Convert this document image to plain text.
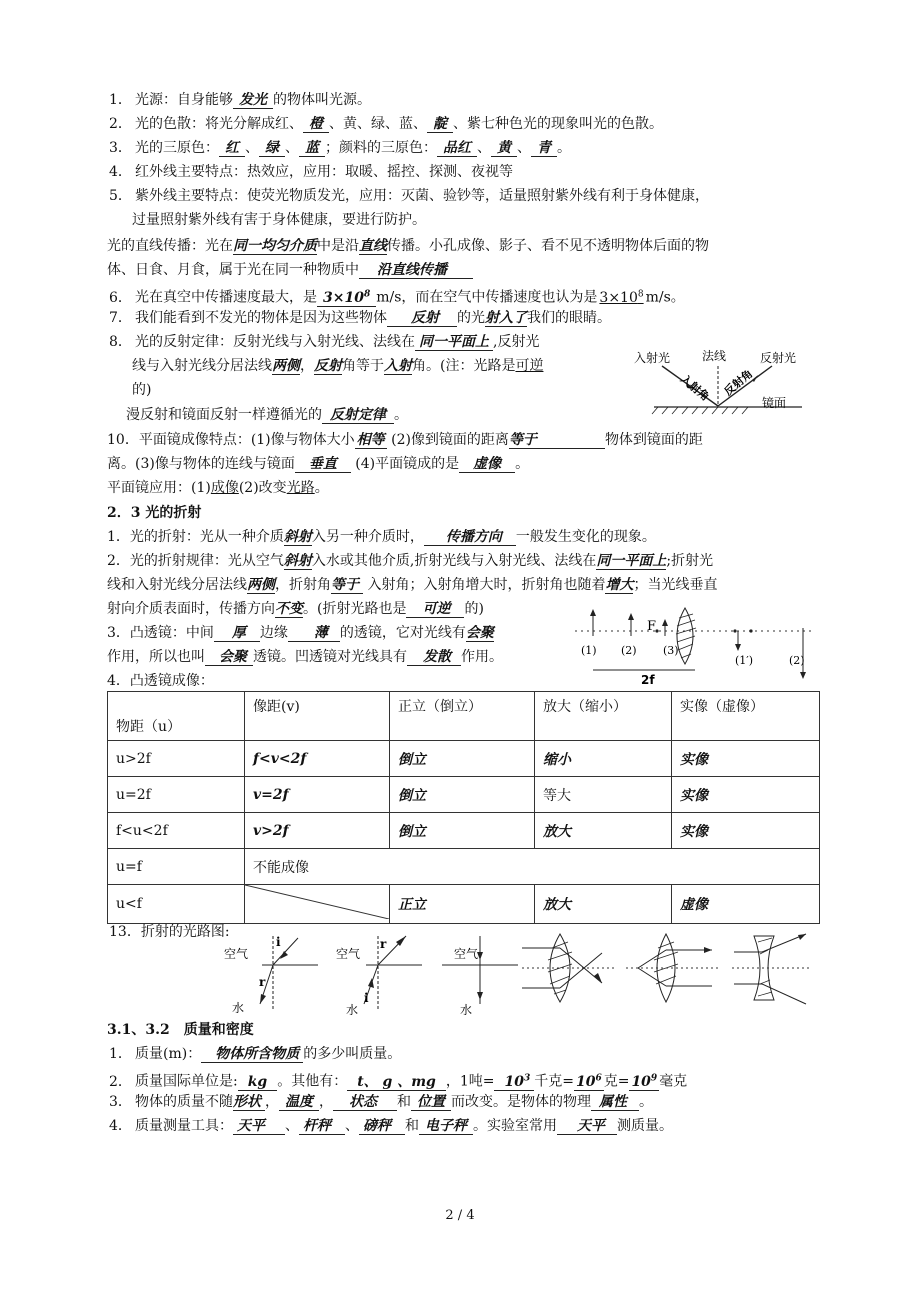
1． 光源：自身能够 发光 的物体叫光源。
2． 光的色散：将光分解成红、 橙 、黄、绿、蓝、 靛 、紫七种色光的现象叫光的色散。
3． 光的三原色： 红 、 绿 、 蓝 ；颜料的三原色： 品红 、 黄 、 青 。
4． 红外线主要特点：热效应，应用：取暖、摇控、探测、夜视等
5． 紫外线主要特点：使荧光物质发光，应用：灭菌、验钞等，适量照射紫外线有利于身体健康，
过量照射紫外线有害于身体健康，要进行防护。
光的直线传播：光在同一均匀介质中是沿直线传播。小孔成像、影子、看不见不透明物体后面的物
体、日食、月食，属于光在同一种物质中 沿直线传播
6． 光在真空中传播速度最大，是 $3\times 10^8$ m/s，而在空气中传播速度也认为是 $3\times 10^8$ m/s。
7． 我们能看到不发光的物体是因为这些物体 反射 的光射入了我们的眼睛。
8． 光的反射定律：反射光线与入射光线、法线在 同一平面上 ,反射光
线与入射光线分居法线两侧，反射角等于入射角。(注：光路是可逆
的)
漫反射和镜面反射一样遵循光的 反射定律 。
10．平面镜成像特点：(1)像与物体大小 相等 (2)像到镜面的距离等于	物体到镜面的距
离。(3)像与物体的连线与镜面 垂直 (4)平面镜成的是 虚像 。
平面镜应用：(1)成像(2)改变光路。
入射光	法线	反射光
入射角 反射角
镜面
2．3 光的折射
1．光的折射：光从一种介质斜射入另一种介质时， 传播方向 一般发生变化的现象。
2．光的折射规律：光从空气斜射入水或其他介质,折射光线与入射光线、法线在同一平面上;折射光
线和入射光线分居法线两侧，折射角等于 入射角；入射角增大时，折射角也随着增大；当光线垂直
射向介质表面时，传播方向不变。(折射光路也是 可逆 的)
3．凸透镜：中间 厚 边缘 薄 的透镜，它对光线有会聚
作用，所以也叫 会聚 透镜。凹透镜对光线具有 发散 作用。
4．凸透镜成像：
F
(1) (2) (3)
(1′)	(2)
2f
物距（u）	像距(v)	正立（倒立）	放大（缩小）	实像（虚像）
u>2f	f<v<2f	倒立	缩小	实像
u=2f	v=2f	倒立	等大	实像
f<u<2f	v>2f	倒立	放大	实像
u=f	不能成像			
u<f		正立	放大	虚像
13．折射的光路图:
空气
i
r
水
空气
r
i
水
空气
水
3.1、3.2　质量和密度
1． 质量(m)： 物体所含物质 的多少叫质量。
2． 质量国际单位是: kg 。其他有： t、 g 、mg ，1吨= $10^3$ 千克= $10^6$ 克= $10^9$ 毫克
3． 物体的质量不随形状 ， 温度 ， 状态 和 位置 而改变。是物体的物理 属性 。
4． 质量测量工具： 天平 、 杆秤 、 磅秤 和 电子秤 。实验室常用 天平 测质量。
2 / 4
